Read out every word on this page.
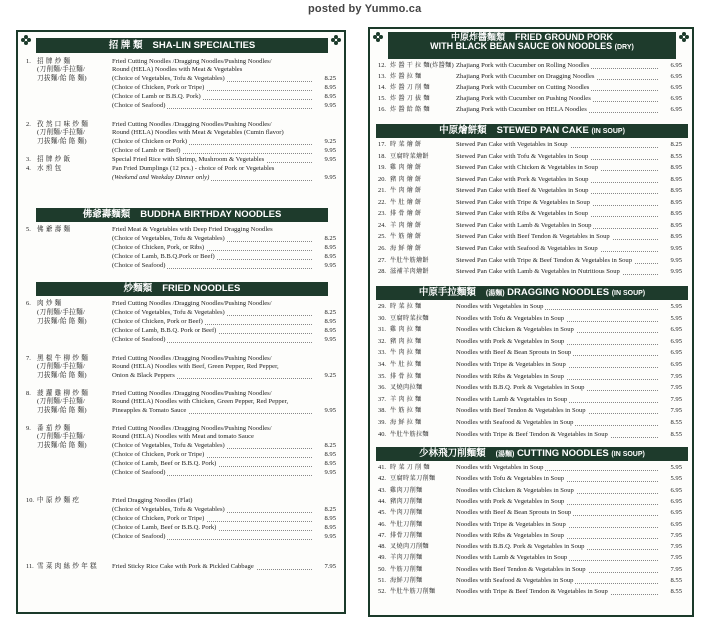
posted by Yummo.ca
招 牌 類 SHA-LIN SPECIALTIES
佛爺壽麵類 BUDDHA BIRTHDAY NOODLES
炒麵類 FRIED NOODLES
1. 招 牌 炒 麵	Fried Cutting Noodles /Dragging Noodles/Pushing Noodles/
(刀削麵/手拉麵/	Round (HELA) Noodles with Meat & Vegetables
刀拔麵/餄 餎 麵)	(Choice of Vegetables, Tofu & Vegetables)	8.25
(Choice of Chicken, Pork or Tripe)	8.95
(Choice of Lamb or B.B.Q. Pork)	8.95
(Choice of Seafood)	9.95
2. 孜 然 口 味 炒 麵	Fried Cutting Noodles /Dragging Noodles/Pushing Noodles/
(刀削麵/手拉麵/	Round (HELA) Noodles with Meat & Vegetables (Cumin flavor)
刀拔麵/餄 餎 麵)	(Choice of Chicken or Pork)	9.25
(Choice of Lamb or Beef)	9.95
3. 招 牌 炒 飯	Special Fried Rice with Shrimp, Mushroom & Vegetables	9.95
4. 水 煎 包	Pan Fried Dumplings (12 pcs.) - choice of Pork or Vegetables
(Weekend and Weekday Dinner only)	9.95
5. 佛 爺 壽 麵	Fried Meat & Vegetables with Deep Fried Dragging Noodles
(Choice of Vegetables, Tofu & Vegetables)	8.25
(Choice of Chicken, Pork, or Ribs)	8.95
(Choice of Lamb, B.B.Q.Pork or Beef)	8.95
(Choice of Seafood)	9.95
6. 肉 炒 麵	Fried Cutting Noodles /Dragging Noodles/Pushing Noodles/
(刀削麵/手拉麵/	(Choice of Vegetables, Tofu & Vegetables)	8.25
刀拔麵/餄 餎 麵)	(Choice of Chicken, Pork or Beef)	8.95
(Choice of Lamb, B.B.Q. Pork or Beef)	8.95
(Choice of Seafood)	9.95
7. 黑 椒 牛 柳 炒 麵	Fried Cutting Noodles /Dragging Noodles/Pushing Noodles/
(刀削麵/手拉麵/	Round (HELA) Noodles with Beef, Green Pepper, Red Pepper,
刀拔麵/餄 餎 麵)	Onion & Black Peppers	9.25
8. 菠 蘿 雞 柳 炒 麵	Fried Cutting Noodles /Dragging Noodles/Pushing Noodles/
(刀削麵/手拉麵/	Round (HELA) Noodles with Chicken, Green Pepper, Red Pepper,
刀拔麵/餄 餎 麵)	Pineapples & Tomato Sauce	9.95
9. 番 茄 炒 麵	Fried Cutting Noodles /Dragging Noodles/Pushing Noodles/
(刀削麵/手拉麵/	Round (HELA) Noodles with Meat and tomato Sauce
刀拔麵/餄 餎 麵)	(Choice of Vegetables, Tofu & Vegetables)	8.25
(Choice of Chicken, Pork or Tripe)	8.95
(Choice of Lamb, Beef or B.B.Q. Pork)	8.95
(Choice of Seafood)	9.95
10. 中 原 炒 麵 疙	Fried Dragging Noodles (Flat)
(Choice of Vegetables, Tofu & Vegetables)	8.25
(Choice of Chicken, Pork or Tripe)	8.95
(Choice of Lamb, Beef or B.B.Q. Pork)	8.95
(Choice of Seafood)	9.95
11. 雪 菜 肉 絲 炒 年 糕 Fried Sticky Rice Cake with Pork & Pickled Cabbage	7.95
中原炸醬麵類 FRIED GROUND PORK
WITH BLACK BEAN SAUCE ON NOODLES (DRY)
中原燴餅類 STEWED PAN CAKE (IN SOUP)
中原手拉麵類 (湯麵) DRAGGING NOODLES (IN SOUP)
少林飛刀削麵類 (湯麵) CUTTING NOODLES (IN SOUP)
12. 炸 醬 干 拉 麵(炸醬麵) Zhajiang Pork with Cucumber on Rolling Noodles	6.95
13. 炸 醬 拉 麵	Zhajiang Pork with Cucumber on Dragging Noodles	6.95
14. 炸 醬 刀 削 麵	Zhajiang Pork with Cucumber on Cutting Noodles	6.95
15. 炸 醬 刀 拔 麵	Zhajiang Pork with Cucumber on Pushing Noodles	6.95
16. 炸 醬 餄 餎 麵	Zhajiang Pork with Cucumber on HELA Noodles	6.95
17. 時 菜 燴 餅	Stewed Pan Cake with Vegetables in Soup	8.25
18. 豆腐時菜燴餅	Stewed Pan Cake with Tofu & Vegetables in Soup	8.55
19. 雞 肉 燴 餅	Stewed Pan Cake with Chicken & Vegetables in Soup	8.95
20. 豬 肉 燴 餅	Stewed Pan Cake with Pork & Vegetables in Soup	8.95
21. 牛 肉 燴 餅	Stewed Pan Cake with Beef & Vegetables in Soup	8.95
22. 牛 肚 燴 餅	Stewed Pan Cake with Tripe & Vegetables in Soup	8.95
23. 排 骨 燴 餅	Stewed Pan Cake with Ribs & Vegetables in Soup	8.95
24. 羊 肉 燴 餅	Stewed Pan Cake with Lamb & Vegetables in Soup	8.95
25. 牛 筋 燴 餅	Stewed Pan Cake with Beef Tendon & Vegetables in Soup	8.95
26. 海 鮮 燴 餅	Stewed Pan Cake with Seafood & Vegetables in Soup	9.95
27. 牛肚牛筋燴餅	Stewed Pan Cake with Tripe & Beef Tendon & Vegetables in Soup	9.95
28. 滋補羊肉燴餅	Stewed Pan Cake with Lamb & Vegetables in Nutritious Soup	9.95
29. 時 菜 拉 麵	Noodles with Vegetables in Soup	5.95
30. 豆腐時菜拉麵	Noodles with Tofu & Vegetables in Soup	5.95
31. 雞 肉 拉 麵	Noodles with Chicken & Vegetables in Soup	6.95
32. 豬 肉 拉 麵	Noodles with Pork & Vegetables in Soup	6.95
33. 牛 肉 拉 麵	Noodles with Beef & Bean Sprouts in Soup	6.95
34. 牛 肚 拉 麵	Noodles with Tripe & Vegetables in Soup	6.95
35. 排 骨 拉 麵	Noodles with Ribs & Vegetables in Soup	7.95
36. 叉燒肉拉麵	Noodles with B.B.Q. Pork & Vegetables in Soup	7.95
37. 羊 肉 拉 麵	Noodles with Lamb & Vegetables in Soup	7.95
38. 牛 筋 拉 麵	Noodles with Beef Tendon & Vegetables in Soup	7.95
39. 海 鮮 拉 麵	Noodles with Seafood & Vegetables in Soup	8.55
40. 牛肚牛筋拉麵	Noodles with Tripe & Beef Tendon & Vegetables in Soup	8.55
41. 時 菜 刀 削 麵	Noodles with Vegetables in Soup	5.95
42. 豆腐時菜刀削麵	Noodles with Tofu & Vegetables in Soup	5.95
43. 雞肉刀削麵	Noodles with Chicken & Vegetables in Soup	6.95
44. 豬肉刀削麵	Noodles with Pork & Vegetables in Soup	6.95
45. 牛肉刀削麵	Noodles with Beef & Bean Sprouts in Soup	6.95
46. 牛肚刀削麵	Noodles with Tripe & Vegetables in Soup	6.95
47. 排骨刀削麵	Noodles with Ribs & Vegetables in Soup	7.95
48. 叉燒肉刀削麵	Noodles with B.B.Q. Pork & Vegetables in Soup	7.95
49. 羊肉刀削麵	Noodles with Lamb & Vegetables in Soup	7.95
50. 牛筋刀削麵	Noodles with Beef Tendon & Vegetables in Soup	7.95
51. 海鮮刀削麵	Noodles with Seafood & Vegetables in Soup	8.55
52. 牛肚牛筋刀削麵	Noodles with Tripe & Beef Tendon & Vegetables in Soup	8.55
